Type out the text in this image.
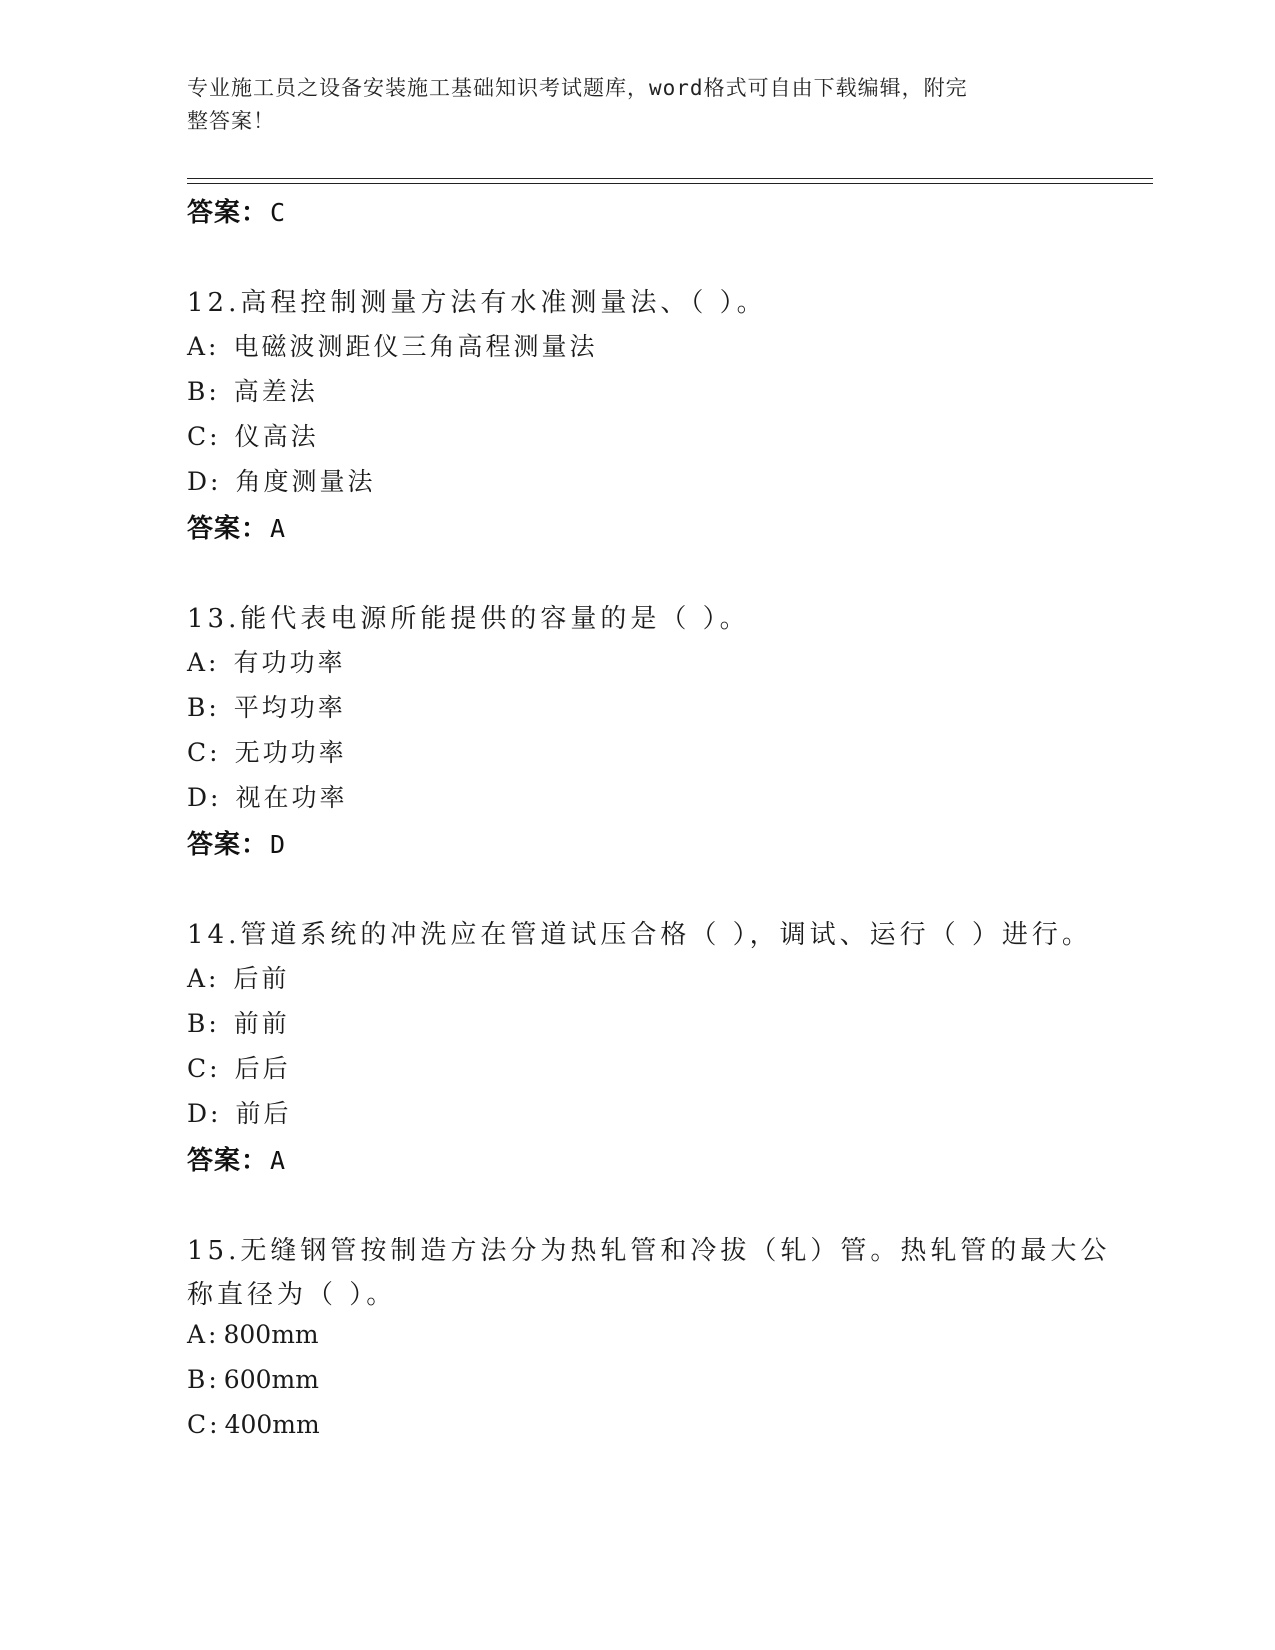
专业施工员之设备安装施工基础知识考试题库，word格式可自由下载编辑，附完
整答案！
答案：C
12.高程控制测量方法有水准测量法、（ ）。
A: 电磁波测距仪三角高程测量法
B: 高差法
C: 仪高法
D: 角度测量法
答案：A
13.能代表电源所能提供的容量的是（ ）。
A: 有功功率
B: 平均功率
C: 无功功率
D: 视在功率
答案：D
14.管道系统的冲洗应在管道试压合格（ ），调试、运行（ ）进行。
A: 后前
B: 前前
C: 后后
D: 前后
答案：A
15.无缝钢管按制造方法分为热轧管和冷拔（轧）管。热轧管的最大公
称直径为（ ）。
A: 800mm
B: 600mm
C: 400mm
